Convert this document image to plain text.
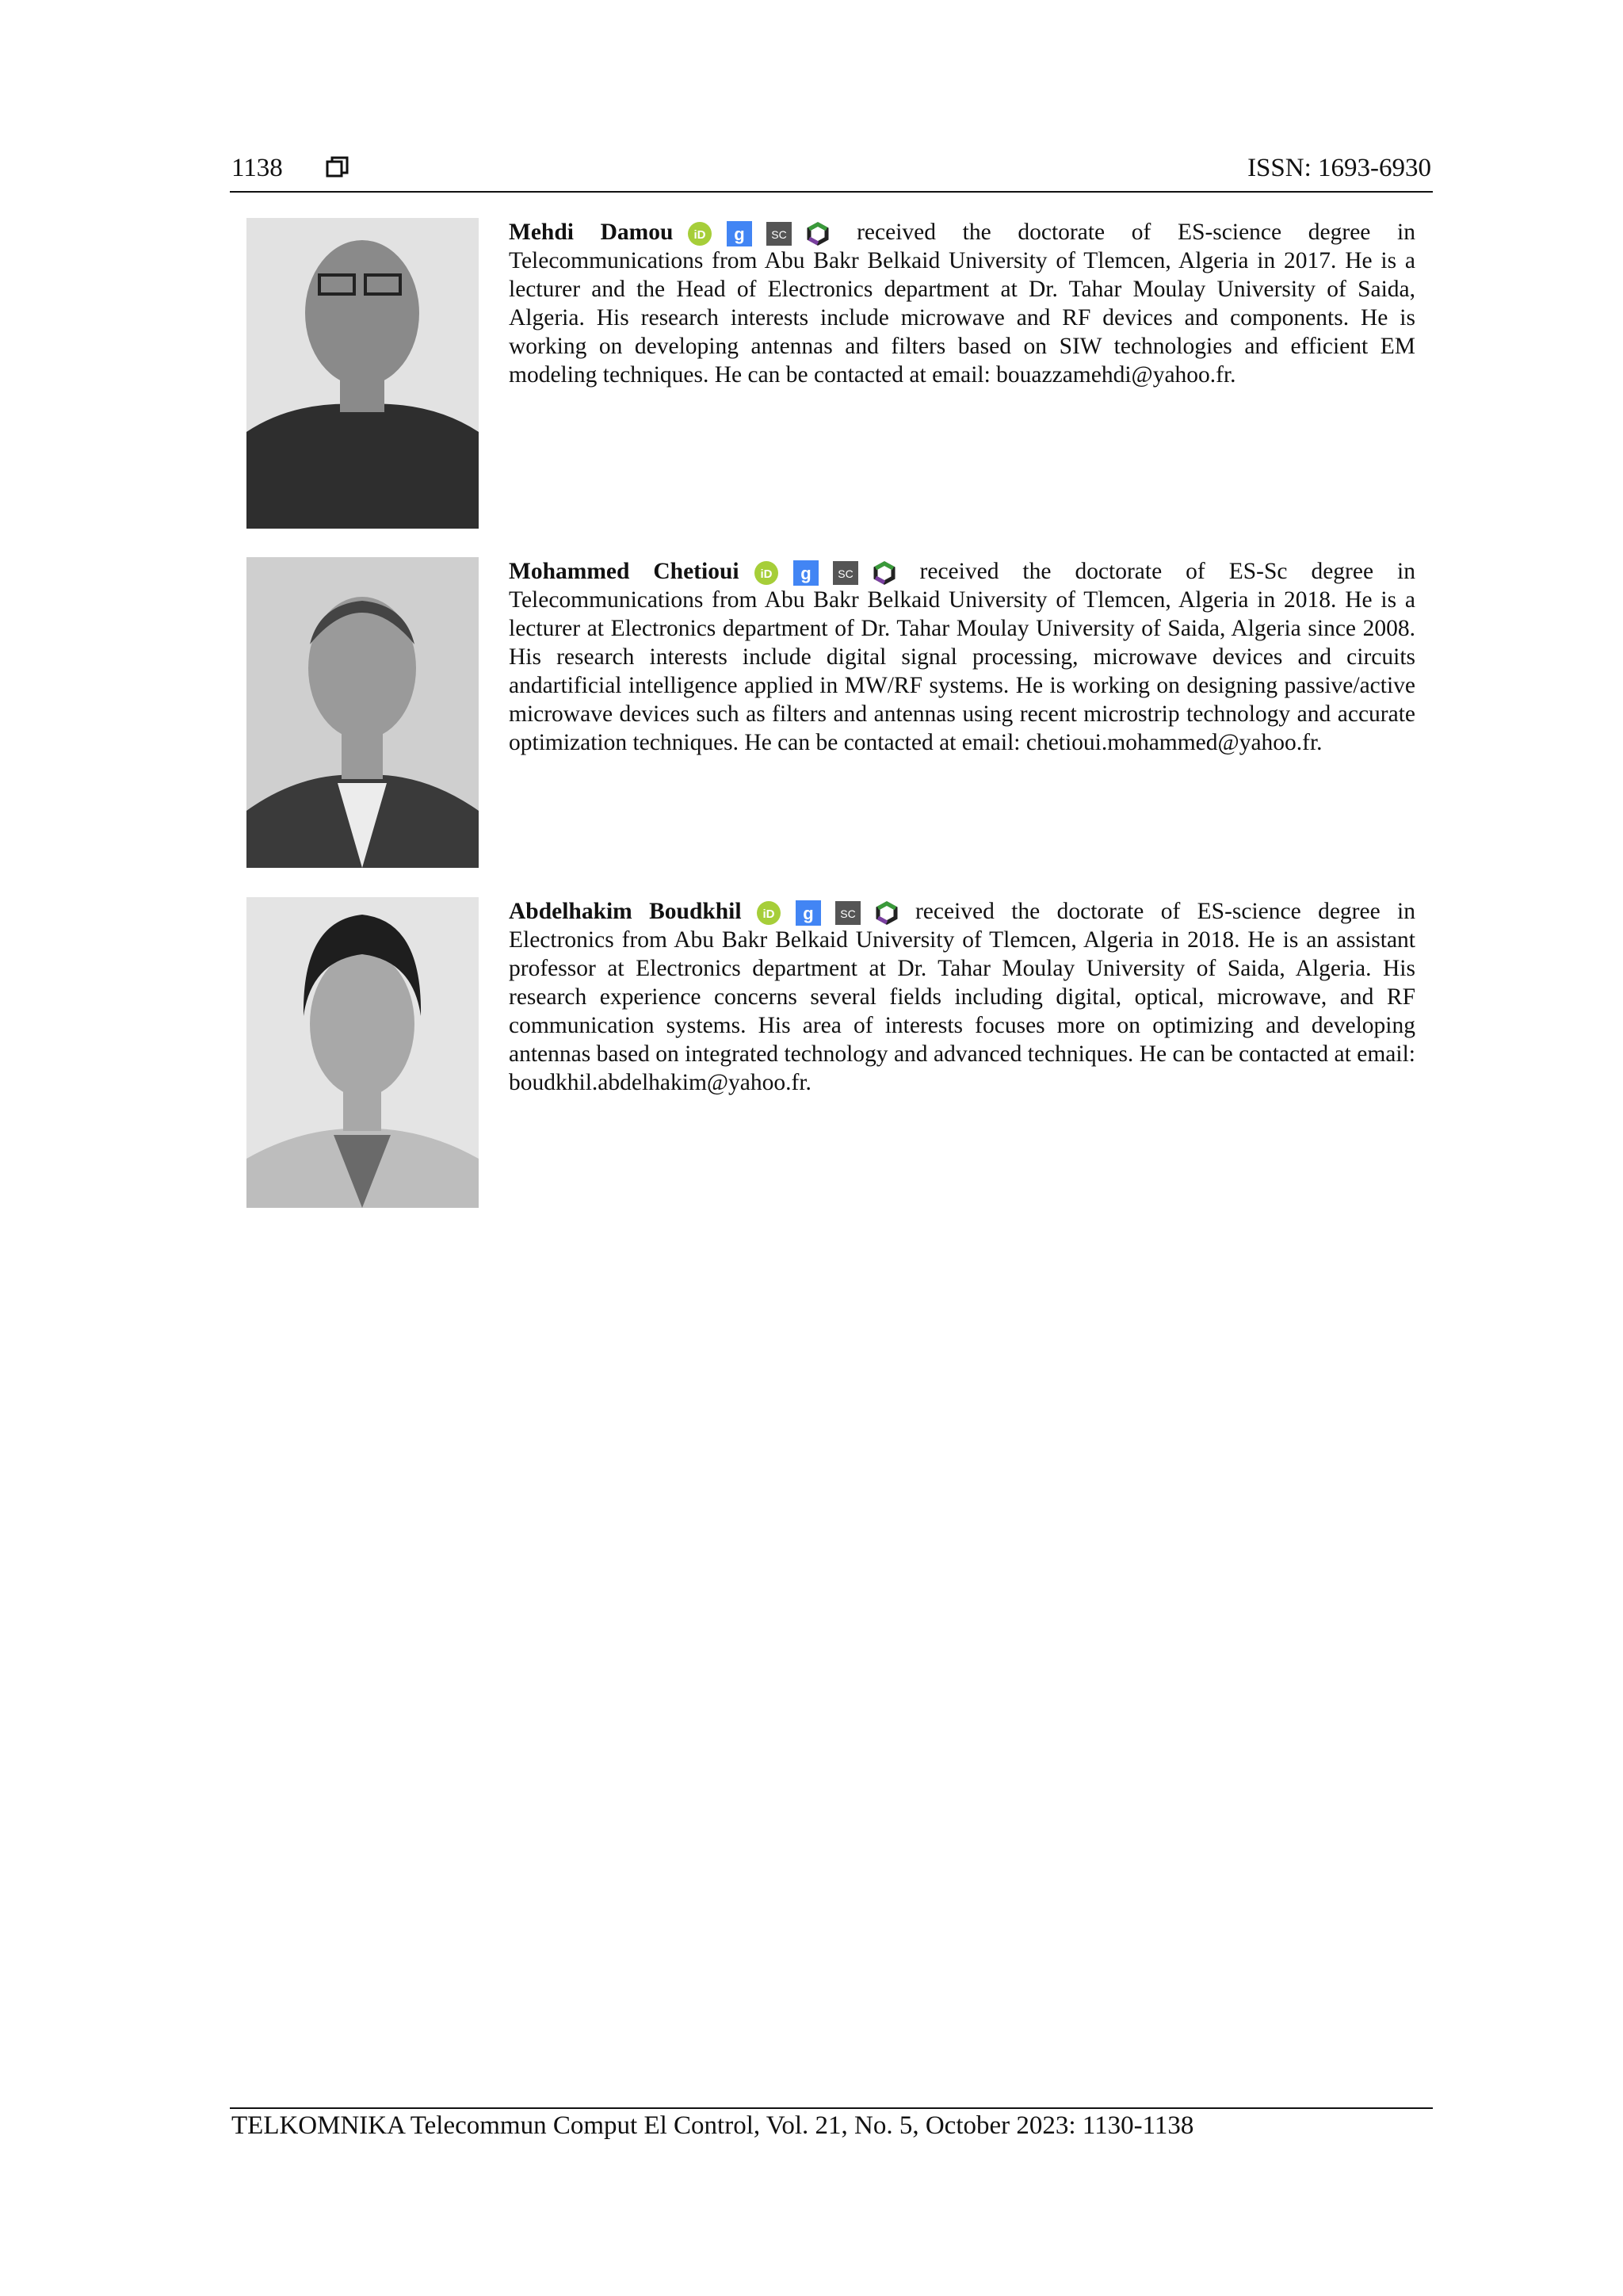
1138	ISSN: 1693-6930
Mehdi Damou iD g SC	received the doctorate of ES-science degree in Telecommunications from Abu Bakr Belkaid University of Tlemcen, Algeria in 2017. He is a lecturer and the Head of Electronics department at Dr. Tahar Moulay University of Saida, Algeria. His research interests include microwave and RF devices and components. He is working on developing antennas and filters based on SIW technologies and efficient EM modeling techniques. He can be contacted at email: bouazzamehdi@yahoo.fr.
Mohammed Chetioui iD g SC	received the doctorate of ES-Sc degree in Telecommunications from Abu Bakr Belkaid University of Tlemcen, Algeria in 2018. He is a lecturer at Electronics department of Dr. Tahar Moulay University of Saida, Algeria since 2008. His research interests include digital signal processing, microwave devices and circuits andartificial intelligence applied in MW/RF systems. He is working on designing passive/active microwave devices such as filters and antennas using recent microstrip technology and accurate optimization techniques. He can be contacted at email: chetioui.mohammed@yahoo.fr.
Abdelhakim Boudkhil iD g SC	received the doctorate of ES-science degree in Electronics from Abu Bakr Belkaid University of Tlemcen, Algeria in 2018. He is an assistant professor at Electronics department at Dr. Tahar Moulay University of Saida, Algeria. His research experience concerns several fields including digital, optical, microwave, and RF communication systems. His area of interests focuses more on optimizing and developing antennas based on integrated technology and advanced techniques. He can be contacted at email: boudkhil.abdelhakim@yahoo.fr.
TELKOMNIKA Telecommun Comput El Control, Vol. 21, No. 5, October 2023: 1130-1138
